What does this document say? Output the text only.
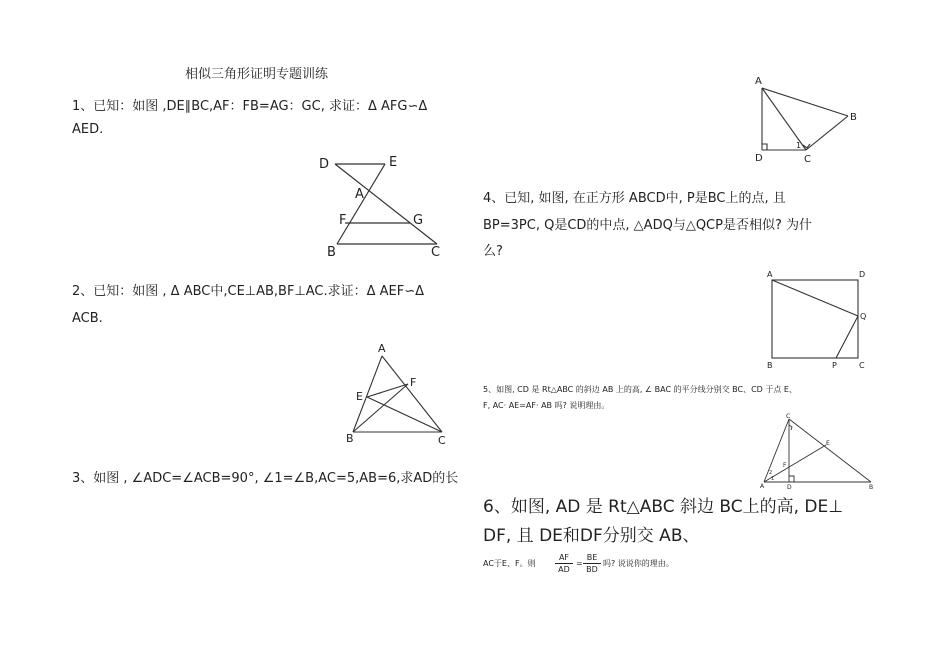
相似三角形证明专题训练
1、已知：如图 ,DE∥BC,AF：FB=AG：GC, 求证：Δ AFG∽Δ
AED.
D	E
A
F	G
B	C
2、已知：如图 , Δ ABC中,CE⊥AB,BF⊥AC.求证：Δ AEF∽Δ
ACB.
A
F
E
B	C
3、如图 , ∠ADC=∠ACB=90°, ∠1=∠B,AC=5,AB=6,求AD的长
A
B
1
D	C
4、已知, 如图, 在正方形 ABCD中, P是BC上的点, 且
BP=3PC, Q是CD的中点, △ADQ与△QCP是否相似? 为什
么?
A	D
Q
B	P	C
5、如图, CD 是 Rt△ABC 的斜边 AB 上的高, ∠ BAC 的平分线分别交 BC、CD 于点 E、
F, AC· AE=AF· AB 吗? 说明理由。
C
E
F
A	D	B
1
2
6、如图, AD 是 Rt△ABC 斜边 BC上的高, DE⊥
DF, 且 DE和DF分别交 AB、
AC于E、F。则 $\frac{AF}{AD} = \frac{BE}{BD}$ 吗? 说说你的理由。
